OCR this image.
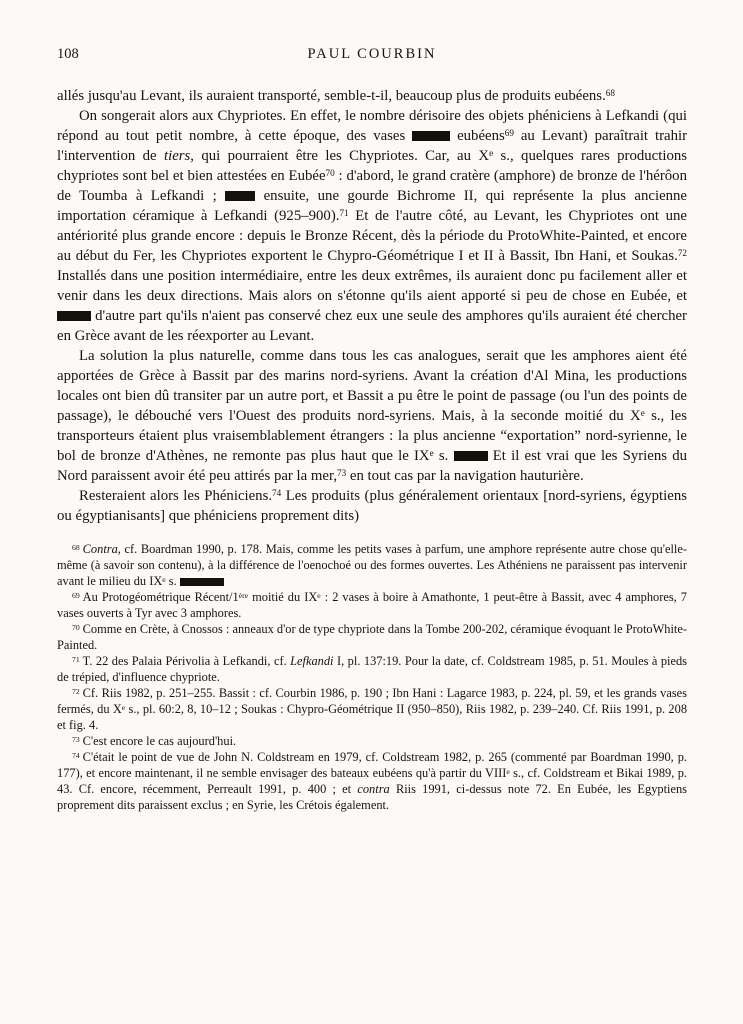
108	PAUL COURBIN

allés jusqu'au Levant, ils auraient transporté, semble-t-il, beaucoup plus de produits eubéens.$^{68}$

On songerait alors aux Chypriotes. En effet, le nombre dérisoire des objets phéniciens à Lefkandi (qui répond au tout petit nombre, à cette époque, des vases	eubéens$^{69}$ au Levant) paraîtrait trahir l'intervention de tiers, qui pourraient être les Chypriotes. Car, au Xe s., quelques rares productions chypriotes sont bel et bien attestées en Eubée$^{70}$ : d'abord, le grand cratère (amphore) de bronze de l'hérôon de Toumba à Lefkandi ;  ensuite, une gourde Bichrome II, qui représente la plus ancienne importation céramique à Lefkandi (925–900).$^{71}$ Et de l'autre côté, au Levant, les Chypriotes ont une antériorité plus grande encore : depuis le Bronze Récent, dès la période du ProtoWhite-Painted, et encore au début du Fer, les Chypriotes exportent le Chypro-Géométrique I et II à Bassit, Ibn Hani, et Soukas.$^{72}$ Installés dans une position intermédiaire, entre les deux extrêmes, ils auraient donc pu facilement aller et venir dans les deux directions. Mais alors on s'étonne qu'ils aient apporté si peu de chose en Eubée, et  d'autre part qu'ils n'aient pas conservé chez eux une seule des amphores qu'ils auraient été chercher en Grèce avant de les réexporter au Levant.

La solution la plus naturelle, comme dans tous les cas analogues, serait que les amphores aient été apportées de Grèce à Bassit par des marins nord-syriens. Avant la création d'Al Mina, les productions locales ont bien dû transiter par un autre port, et Bassit a pu être le point de passage (ou l'un des points de passage), le débouché vers l'Ouest des produits nord-syriens. Mais, à la seconde moitié du Xe s., les transporteurs étaient plus vraisemblablement étrangers : la plus ancienne “exportation” nord-syrienne, le bol de bronze d'Athènes, ne remonte pas plus haut que le IXe s.  Et il est vrai que les Syriens du Nord paraissent avoir été peu attirés par la mer,$^{73}$ en tout cas par la navigation hauturière.

Resteraient alors les Phéniciens.$^{74}$ Les produits (plus généralement orientaux [nord-syriens, égyptiens ou égyptianisants] que phéniciens proprement dits)

$^{68}$ Contra, cf. Boardman 1990, p. 178. Mais, comme les petits vases à parfum, une amphore représente autre chose qu'elle-même (à savoir son contenu), à la différence de l'oenochoé ou des formes ouvertes. Les Athéniens ne paraissent pas intervenir avant le milieu du IXe s.

$^{69}$ Au Protogéométrique Récent/1ère moitié du IXe : 2 vases à boire à Amathonte, 1 peut-être à Bassit, avec 4 amphores, 7 vases ouverts à Tyr avec 3 amphores.

$^{70}$ Comme en Crète, à Cnossos : anneaux d'or de type chypriote dans la Tombe 200-202, céramique évoquant le ProtoWhite-Painted.

$^{71}$ T. 22 des Palaia Périvolia à Lefkandi, cf. Lefkandi I, pl. 137:19. Pour la date, cf. Coldstream 1985, p. 51. Moules à pieds de trépied, d'influence chypriote.

$^{72}$ Cf. Riis 1982, p. 251–255. Bassit : cf. Courbin 1986, p. 190 ; Ibn Hani : Lagarce 1983, p. 224, pl. 59, et les grands vases fermés, du Xe s., pl. 60:2, 8, 10–12 ; Soukas : Chypro-Géométrique II (950–850), Riis 1982, p. 239–240. Cf. Riis 1991, p. 208 et fig. 4.

$^{73}$ C'est encore le cas aujourd'hui.

$^{74}$ C'était le point de vue de John N. Coldstream en 1979, cf. Coldstream 1982, p. 265 (commenté par Boardman 1990, p. 177), et encore maintenant, il ne semble envisager des bateaux eubéens qu'à partir du VIIIe s., cf. Coldstream et Bikai 1989, p. 43. Cf. encore, récemment, Perreault 1991, p. 400 ; et contra Riis 1991, ci-dessus note 72. En Eubée, les Egyptiens proprement dits paraissent exclus ; en Syrie, les Crétois également.
